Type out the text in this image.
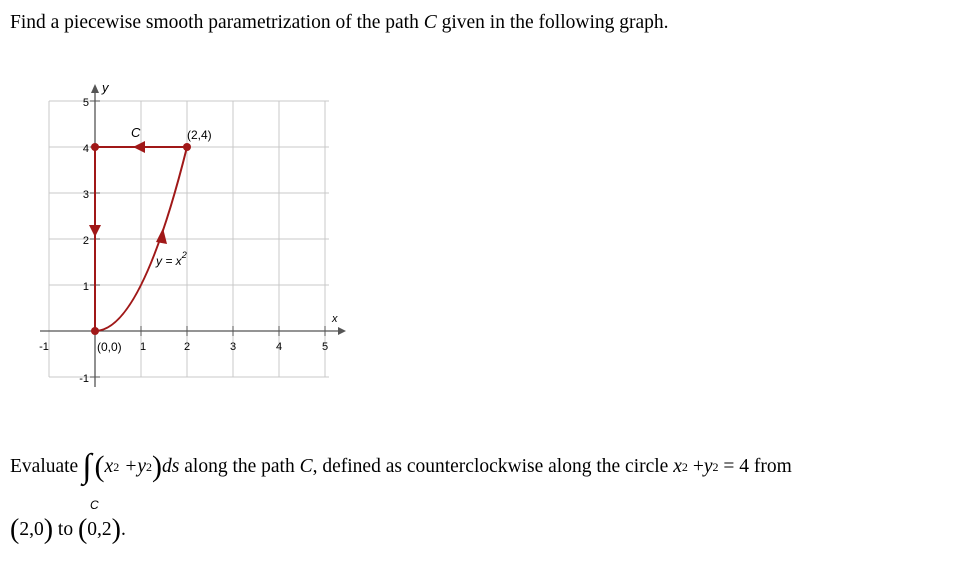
Find a piecewise smooth parametrization of the path C given in the following graph.
y
x
-1
1
2
3
4
5
-1	1	2	3	4	5
C	(2,4)
(0,0)
$y = x^2$
Evaluate ∫ ( x 2 +y 2 ) ds along the path C , defined as counterclockwise along the circle x 2 + y 2 = 4 from
C
(2,0) to (0,2).
